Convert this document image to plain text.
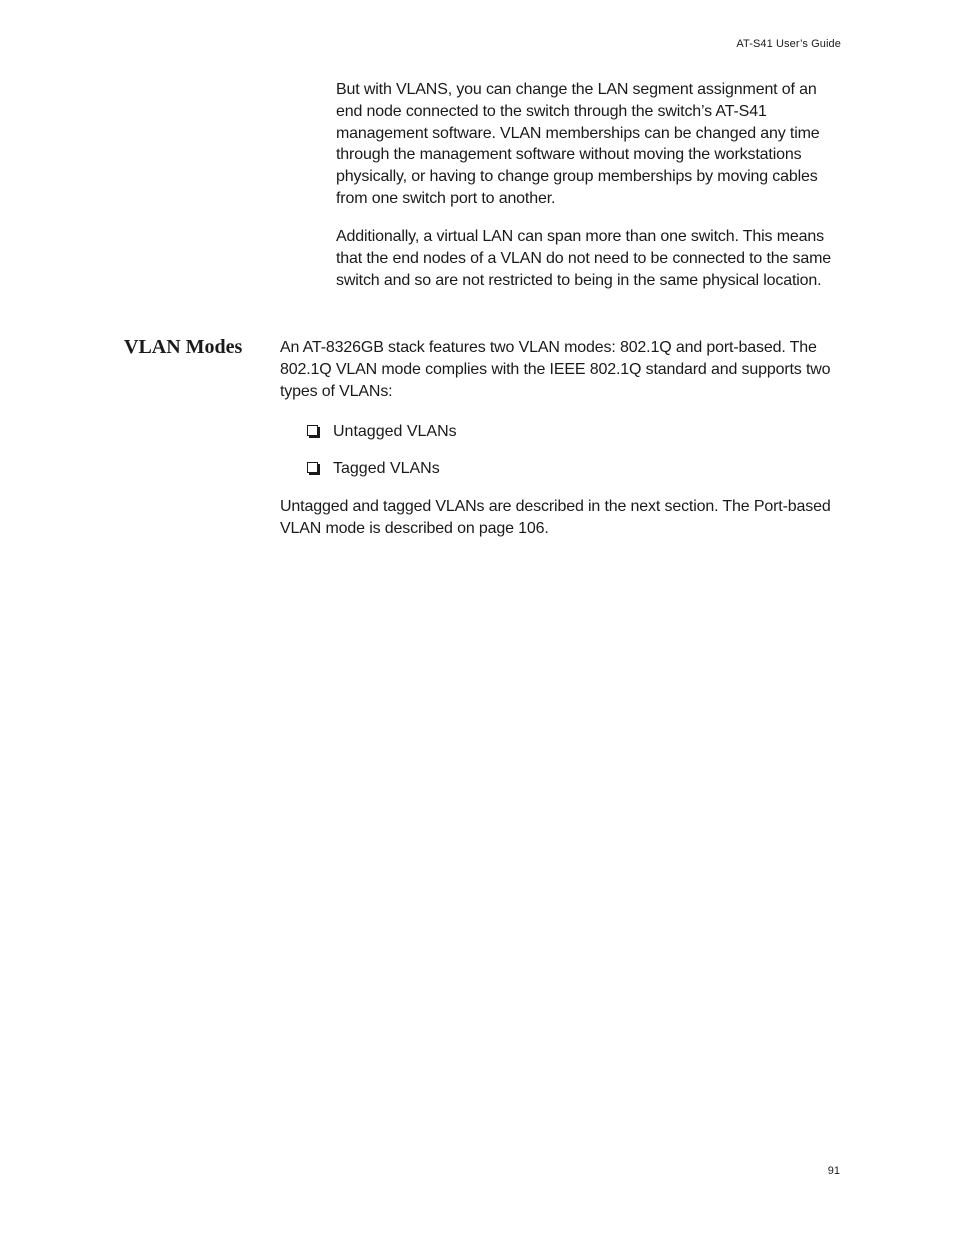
AT-S41 User’s Guide

But with VLANS, you can change the LAN segment assignment of an end node connected to the switch through the switch’s AT-S41 management software. VLAN memberships can be changed any time through the management software without moving the workstations physically, or having to change group memberships by moving cables from one switch port to another.

Additionally, a virtual LAN can span more than one switch. This means that the end nodes of a VLAN do not need to be connected to the same switch and so are not restricted to being in the same physical location.

VLAN Modes An AT-8326GB stack features two VLAN modes: 802.1Q and port-based. The 802.1Q VLAN mode complies with the IEEE 802.1Q standard and supports two types of VLANs:

Untagged VLANs
Tagged VLANs

Untagged and tagged VLANs are described in the next section. The Port-based VLAN mode is described on page 106.

91
